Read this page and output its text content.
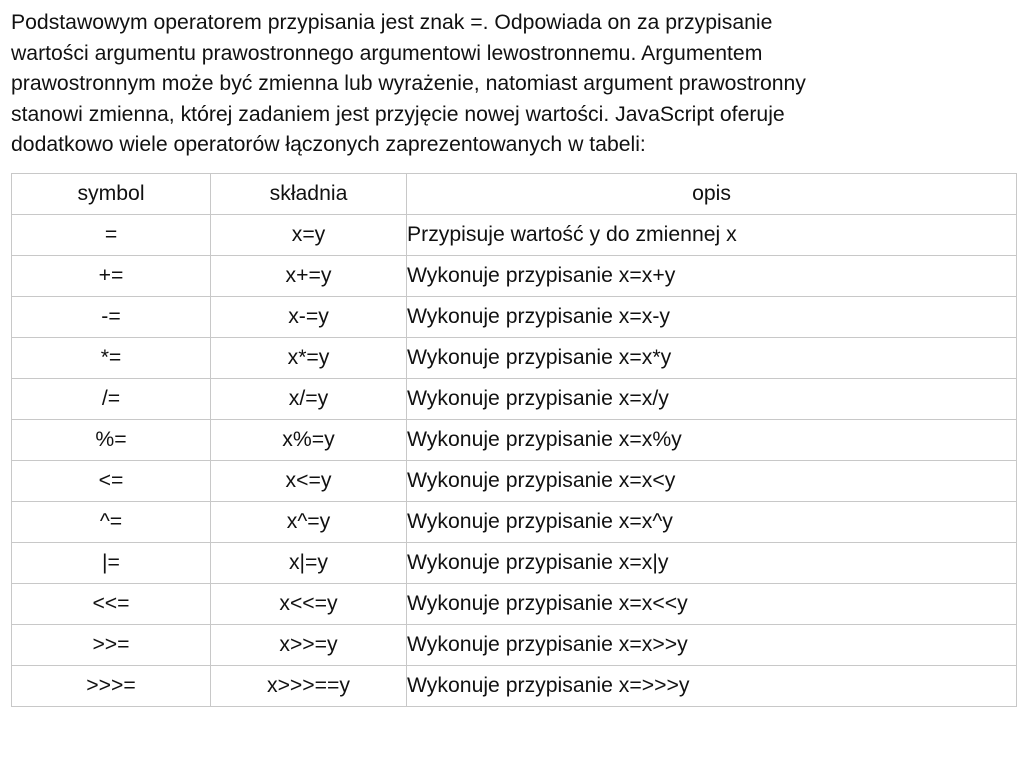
Podstawowym operatorem przypisania jest znak =. Odpowiada on za przypisanie
wartości argumentu prawostronnego argumentowi lewostronnemu. Argumentem
prawostronnym może być zmienna lub wyrażenie, natomiast argument prawostronny
stanowi zmienna, której zadaniem jest przyjęcie nowej wartości. JavaScript oferuje
dodatkowo wiele operatorów łączonych zaprezentowanych w tabeli:

symbol	składnia	opis
=	x=y	Przypisuje wartość y do zmiennej x
+=	x+=y	Wykonuje przypisanie x=x+y
-=	x-=y	Wykonuje przypisanie x=x-y
*=	x*=y	Wykonuje przypisanie x=x*y
/=	x/=y	Wykonuje przypisanie x=x/y
%=	x%=y	Wykonuje przypisanie x=x%y
<=	x<=y	Wykonuje przypisanie x=x<y
^=	x^=y	Wykonuje przypisanie x=x^y
|=	x|=y	Wykonuje przypisanie x=x|y
<<=	x<<=y	Wykonuje przypisanie x=x<<y
>>=	x>>=y	Wykonuje przypisanie x=x>>y
>>>=	x>>>==y	Wykonuje przypisanie x=>>>y
